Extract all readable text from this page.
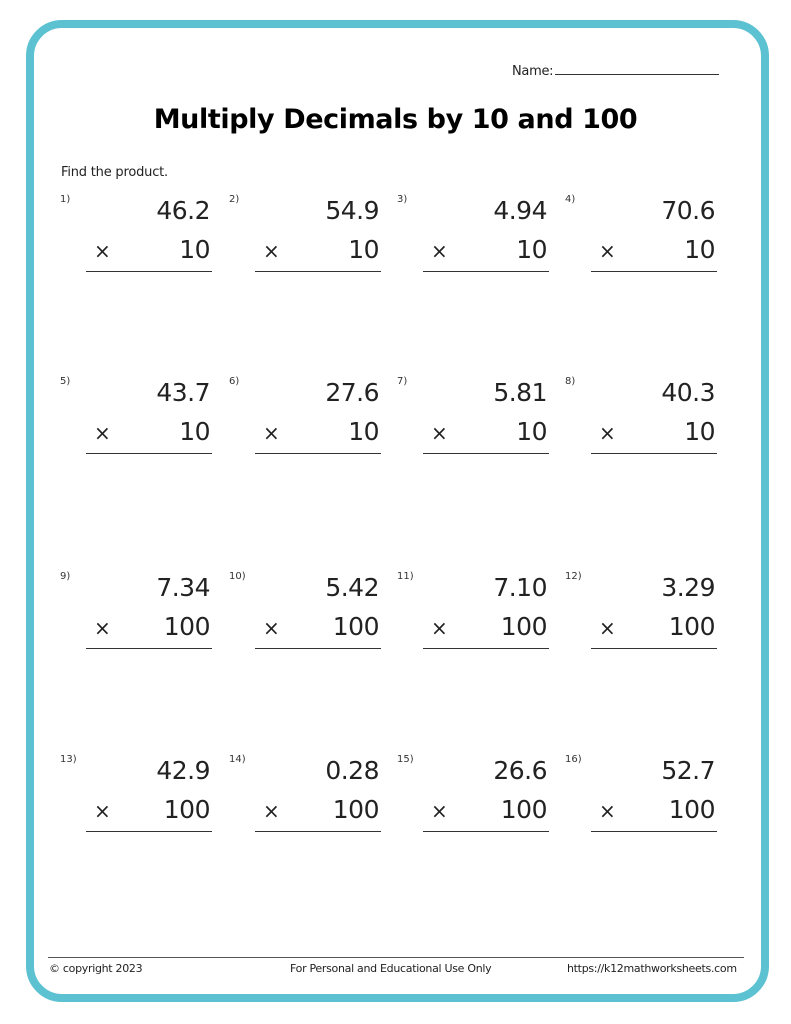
Name:
Multiply Decimals by 10 and 100
Find the product.
1)	46.2
×	10
2)	54.9
×	10
3)	4.94
×	10
4)	70.6
×	10
5)	43.7
×	10
6)	27.6
×	10
7)	5.81
×	10
8)	40.3
×	10
9)	7.34
×	100
10)	5.42
×	100
11)	7.10
×	100
12)	3.29
×	100
13)	42.9
×	100
14)	0.28
×	100
15)	26.6
×	100
16)	52.7
×	100
© copyright 2023	For Personal and Educational Use Only	https://k12mathworksheets.com
